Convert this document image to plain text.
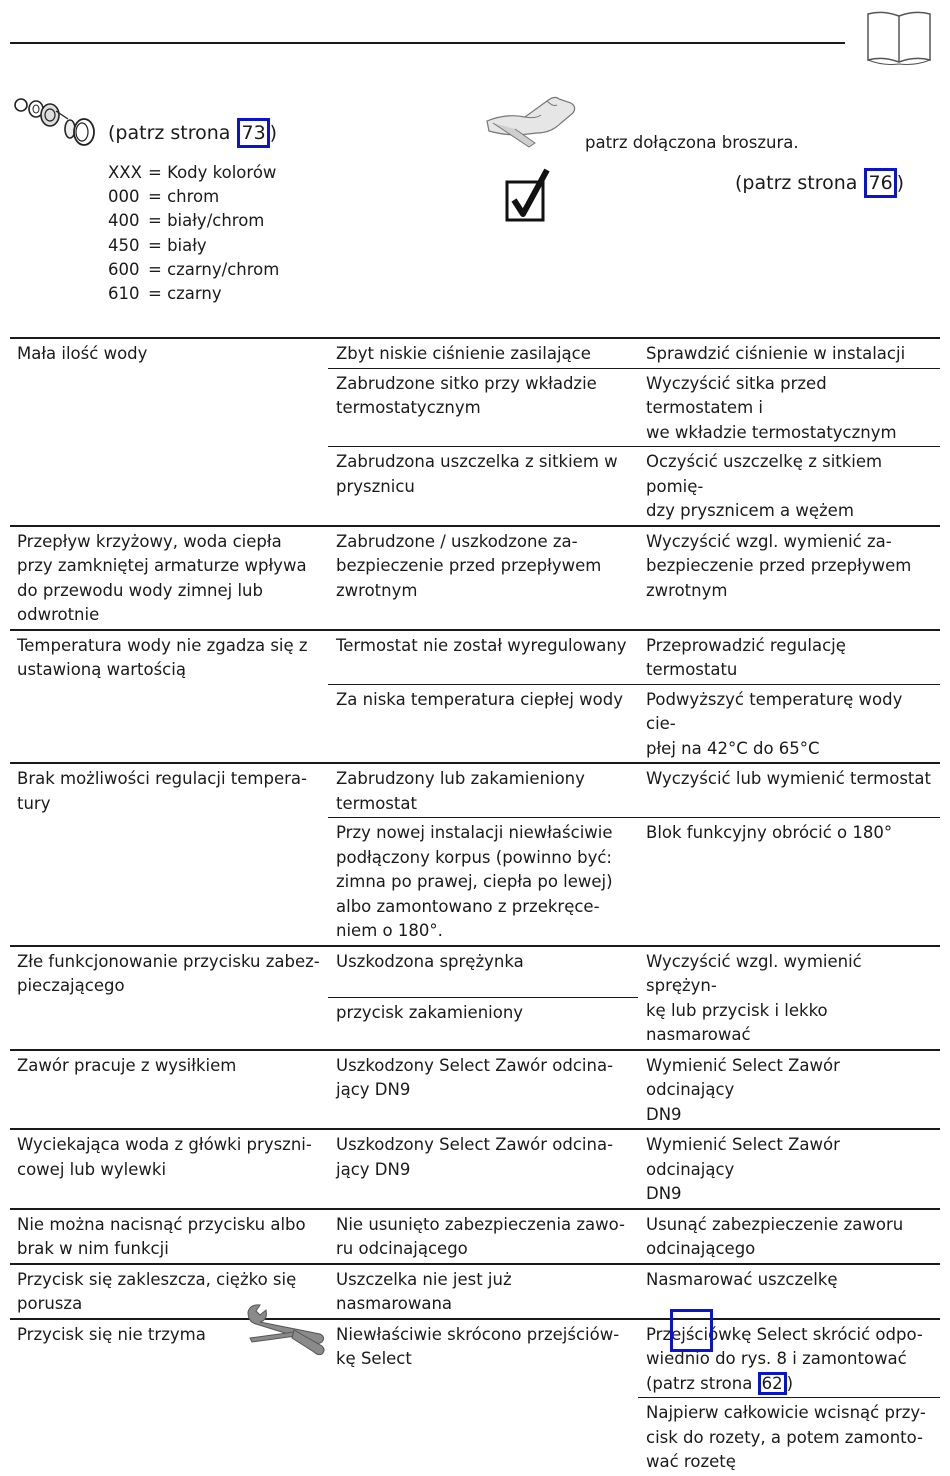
(patrz strona 73 )
XXX = Kody kolorów
000 = chrom
400 = biały/chrom
450 = biały
600 = czarny/chrom
610 = czarny
patrz dołączona broszura.
(patrz strona 76 )
Mała ilość wody	Zbyt niskie ciśnienie zasilające	Sprawdzić ciśnienie w instalacji

	Zabrudzone sitko przy wkładzie
termostatycznym	Wyczyścić sitka przed termostatem i
we wkładzie termostatycznym

	Zabrudzona uszczelka z sitkiem w
prysznicu	Oczyścić uszczelkę z sitkiem pomię-
dzy prysznicem a wężem

Przepływ krzyżowy, woda ciepła
przy zamkniętej armaturze wpływa
do przewodu wody zimnej lub
odwrotnie	Zabrudzone / uszkodzone za-
bezpieczenie przed przepływem
zwrotnym	Wyczyścić wzgl. wymienić za-
bezpieczenie przed przepływem
zwrotnym

Temperatura wody nie zgadza się z
ustawioną wartością	Termostat nie został wyregulowany	Przeprowadzić regulację termostatu

	Za niska temperatura ciepłej wody	Podwyższyć temperaturę wody cie-
płej na 42°C do 65°C

Brak możliwości regulacji tempera-
tury	Zabrudzony lub zakamieniony
termostat	Wyczyścić lub wymienić termostat

	Przy nowej instalacji niewłaściwie
podłączony korpus (powinno być:
zimna po prawej, ciepła po lewej)
albo zamontowano z przekręce-
niem o 180°.	Blok funkcyjny obrócić o 180°

Złe funkcjonowanie przycisku zabez-
pieczającego	Uszkodzona sprężynka	Wyczyścić wzgl. wymienić sprężyn-
kę lub przycisk i lekko nasmarować

	przycisk zakamieniony	

Zawór pracuje z wysiłkiem	Uszkodzony Select Zawór odcina-
jący DN9	Wymienić Select Zawór odcinający
DN9

Wyciekająca woda z główki pryszni-
cowej lub wylewki	Uszkodzony Select Zawór odcina-
jący DN9	Wymienić Select Zawór odcinający
DN9

Nie można nacisnąć przycisku albo
brak w nim funkcji	Nie usunięto zabezpieczenia zawo-
ru odcinającego	Usunąć zabezpieczenie zaworu
odcinającego

Przycisk się zakleszcza, ciężko się
porusza	Uszczelka nie jest już nasmarowana	Nasmarować uszczelkę

Przycisk się nie trzyma	Niewłaściwie skrócono przejściów-
kę Select	Przejściówkę Select skrócić odpo-
wiednio do rys. 8 i zamontować
(patrz strona 62 )

		Najpierw całkowicie wcisnąć przy-
cisk do rozety, a potem zamonto-
wać rozetę
